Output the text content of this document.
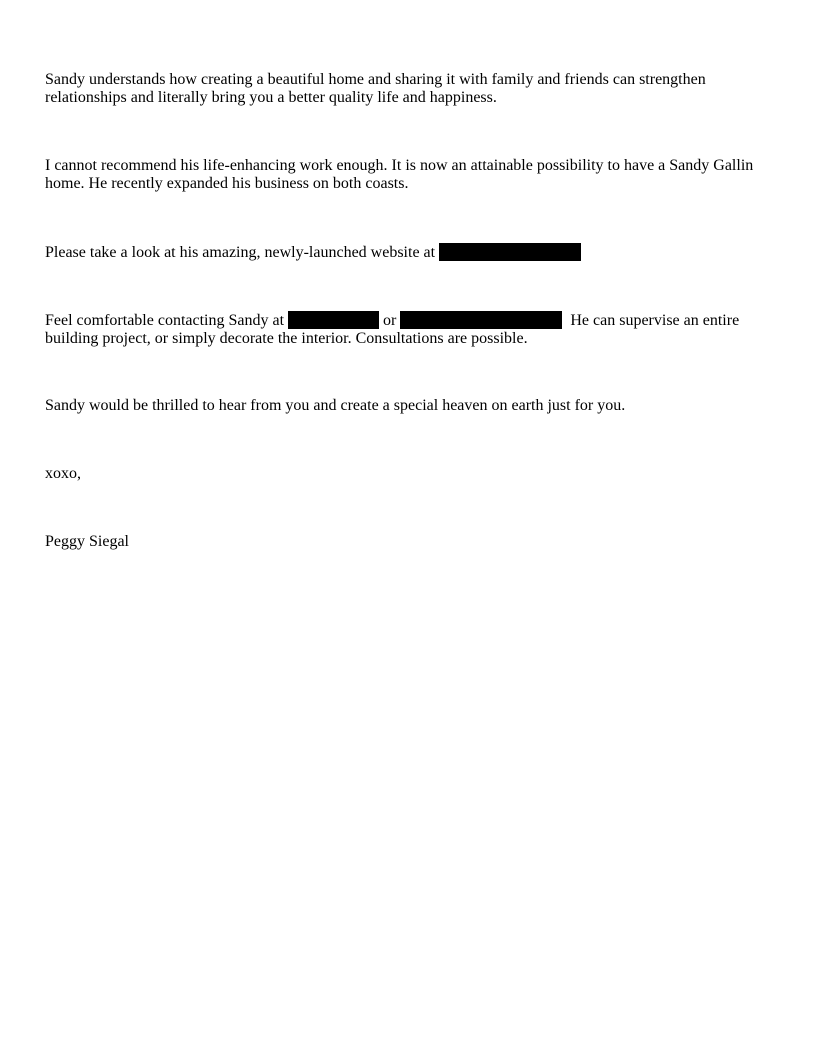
Sandy understands how creating a beautiful home and sharing it with family and friends can strengthen relationships and literally bring you a better quality life and happiness.

I cannot recommend his life-enhancing work enough. It is now an attainable possibility to have a Sandy Gallin home. He recently expanded his business on both coasts.

Please take a look at his amazing, newly-launched website at

Feel comfortable contacting Sandy at	or	He can supervise an entire building project, or simply decorate the interior. Consultations are possible.

Sandy would be thrilled to hear from you and create a special heaven on earth just for you.

xoxo,

Peggy Siegal
